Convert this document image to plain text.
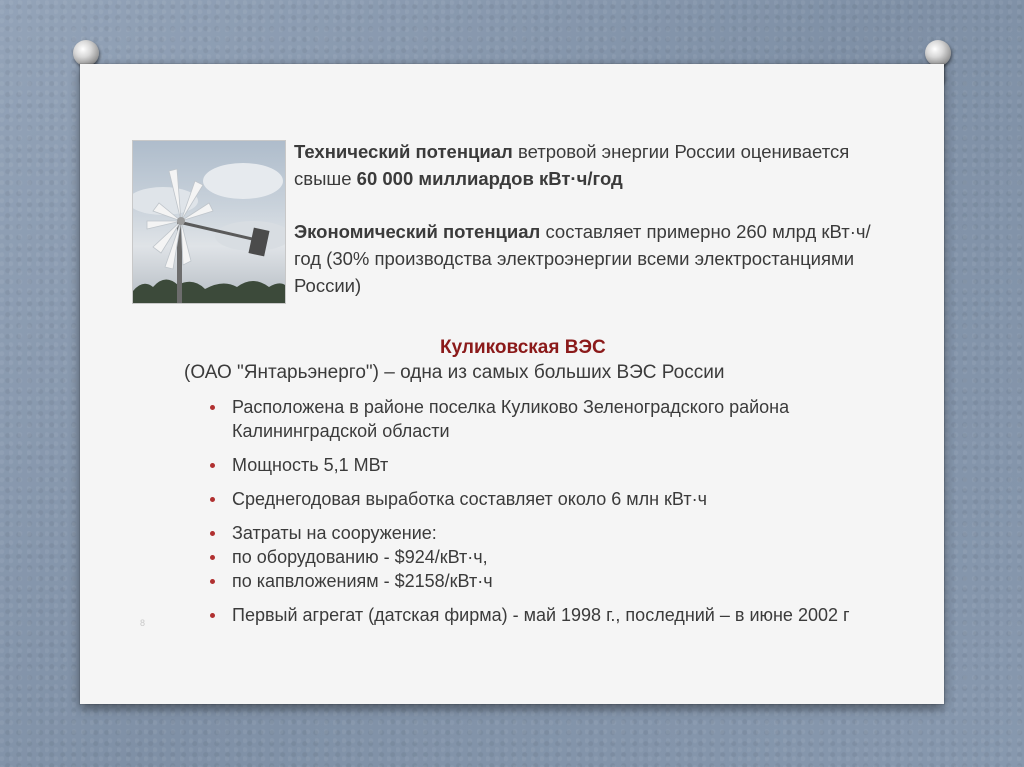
Технический потенциал ветровой энергии России оценивается свыше 60 000 миллиардов кВт·ч/год
Экономический потенциал составляет примерно 260 млрд кВт·ч/год (30% производства электроэнергии всеми электростанциями России)
Куликовская ВЭС
(ОАО "Янтарьэнерго") – одна из самых больших ВЭС России
Расположена в районе поселка Куликово Зеленоградского района Калининградской области
Мощность 5,1 МВт
Среднегодовая выработка составляет около 6 млн кВт·ч
Затраты на сооружение:
по оборудованию - $924/кВт·ч,
по капвложениям - $2158/кВт·ч
Первый агрегат (датская фирма) - май 1998 г., последний – в июне 2002 г
8
